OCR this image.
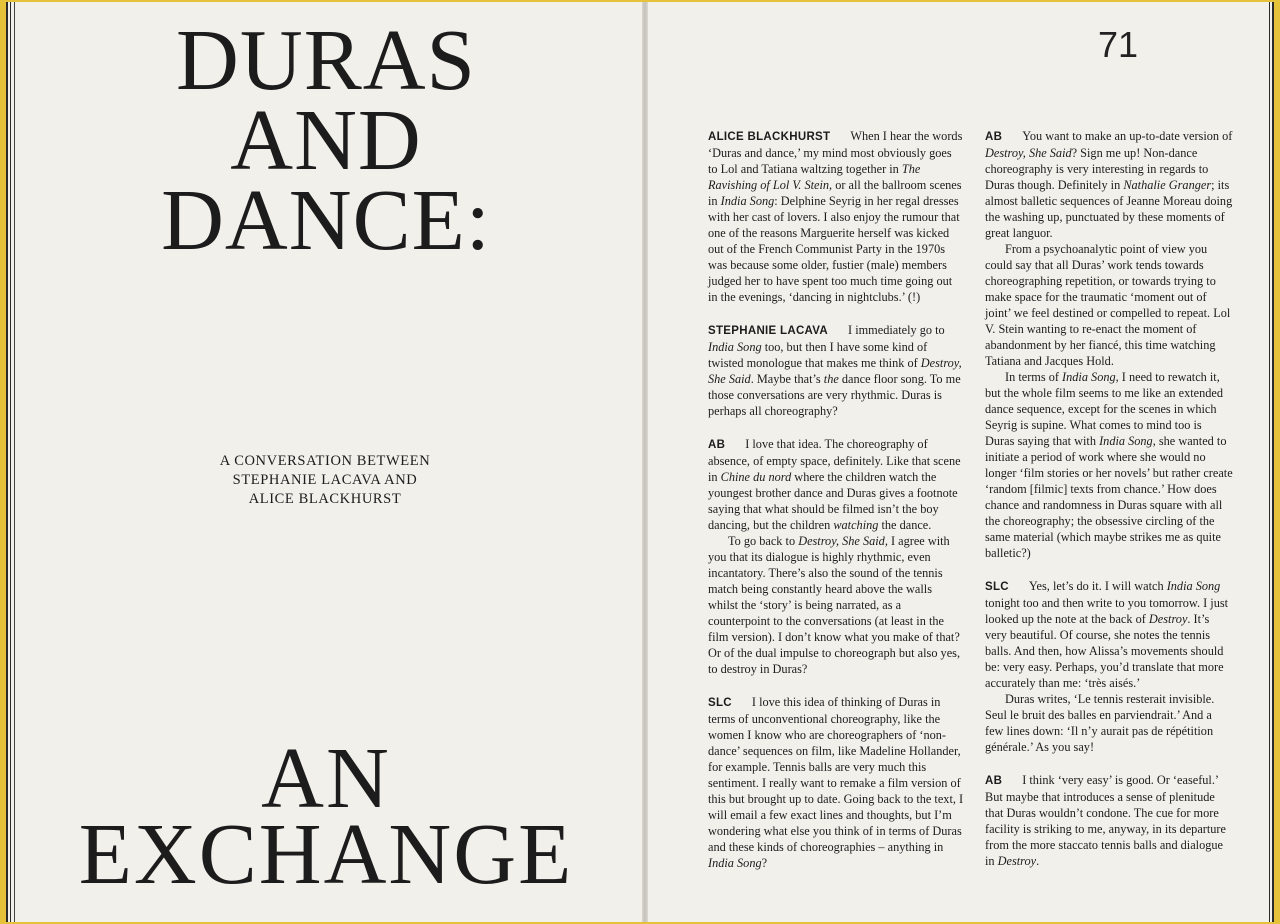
DURAS
AND
DANCE:
A CONVERSATION BETWEEN
STEPHANIE LACAVA AND
ALICE BLACKHURST
AN
EXCHANGE
71

ALICE BLACKHURST When I hear the words ‘Duras and dance,’ my mind most obviously goes to Lol and Tatiana waltzing together in The Ravishing of Lol V. Stein, or all the ballroom scenes in India Song: Delphine Seyrig in her regal dresses with her cast of lovers. I also enjoy the rumour that one of the reasons Marguerite herself was kicked out of the French Communist Party in the 1970s was because some older, fustier (male) members judged her to have spent too much time going out in the evenings, ‘dancing in nightclubs.’ (!)

STEPHANIE LACAVA I immediately go to India Song too, but then I have some kind of twisted monologue that makes me think of Destroy, She Said. Maybe that’s the dance floor song. To me those conversations are very rhythmic. Duras is perhaps all choreography?

AB I love that idea. The choreography of absence, of empty space, definitely. Like that scene in Chine du nord where the children watch the youngest brother dance and Duras gives a footnote saying that what should be filmed isn’t the boy dancing, but the children watching the dance.

To go back to Destroy, She Said, I agree with you that its dialogue is highly rhythmic, even incantatory. There’s also the sound of the tennis match being constantly heard above the walls whilst the ‘story’ is being narrated, as a counterpoint to the conversations (at least in the film version). I don’t know what you make of that? Or of the dual impulse to choreograph but also yes, to destroy in Duras?

SLC I love this idea of thinking of Duras in terms of unconventional choreography, like the women I know who are choreographers of ‘non-dance’ sequences on film, like Madeline Hollander, for example. Tennis balls are very much this sentiment. I really want to remake a film version of this but brought up to date. Going back to the text, I will email a few exact lines and thoughts, but I’m wondering what else you think of in terms of Duras and these kinds of choreographies – anything in India Song?

AB You want to make an up-to-date version of Destroy, She Said? Sign me up! Non-dance choreography is very interesting in regards to Duras though. Definitely in Nathalie Granger; its almost balletic sequences of Jeanne Moreau doing the washing up, punctuated by these moments of great languor.

From a psychoanalytic point of view you could say that all Duras’ work tends towards choreographing repetition, or towards trying to make space for the traumatic ‘moment out of joint’ we feel destined or compelled to repeat. Lol V. Stein wanting to re-enact the moment of abandonment by her fiancé, this time watching Tatiana and Jacques Hold.

In terms of India Song, I need to rewatch it, but the whole film seems to me like an extended dance sequence, except for the scenes in which Seyrig is supine. What comes to mind too is Duras saying that with India Song, she wanted to initiate a period of work where she would no longer ‘film stories or her novels’ but rather create ‘random [filmic] texts from chance.’ How does chance and randomness in Duras square with all the choreography; the obsessive circling of the same material (which maybe strikes me as quite balletic?)

SLC Yes, let’s do it. I will watch India Song tonight too and then write to you tomorrow. I just looked up the note at the back of Destroy. It’s very beautiful. Of course, she notes the tennis balls. And then, how Alissa’s movements should be: very easy. Perhaps, you’d translate that more accurately than me: ‘très aisés.’

Duras writes, ‘Le tennis resterait invisible. Seul le bruit des balles en parviendrait.’ And a few lines down: ‘Il n’y aurait pas de répétition générale.’ As you say!

AB I think ‘very easy’ is good. Or ‘easeful.’ But maybe that introduces a sense of plenitude that Duras wouldn’t condone. The cue for more facility is striking to me, anyway, in its departure from the more staccato tennis balls and dialogue in Destroy.
